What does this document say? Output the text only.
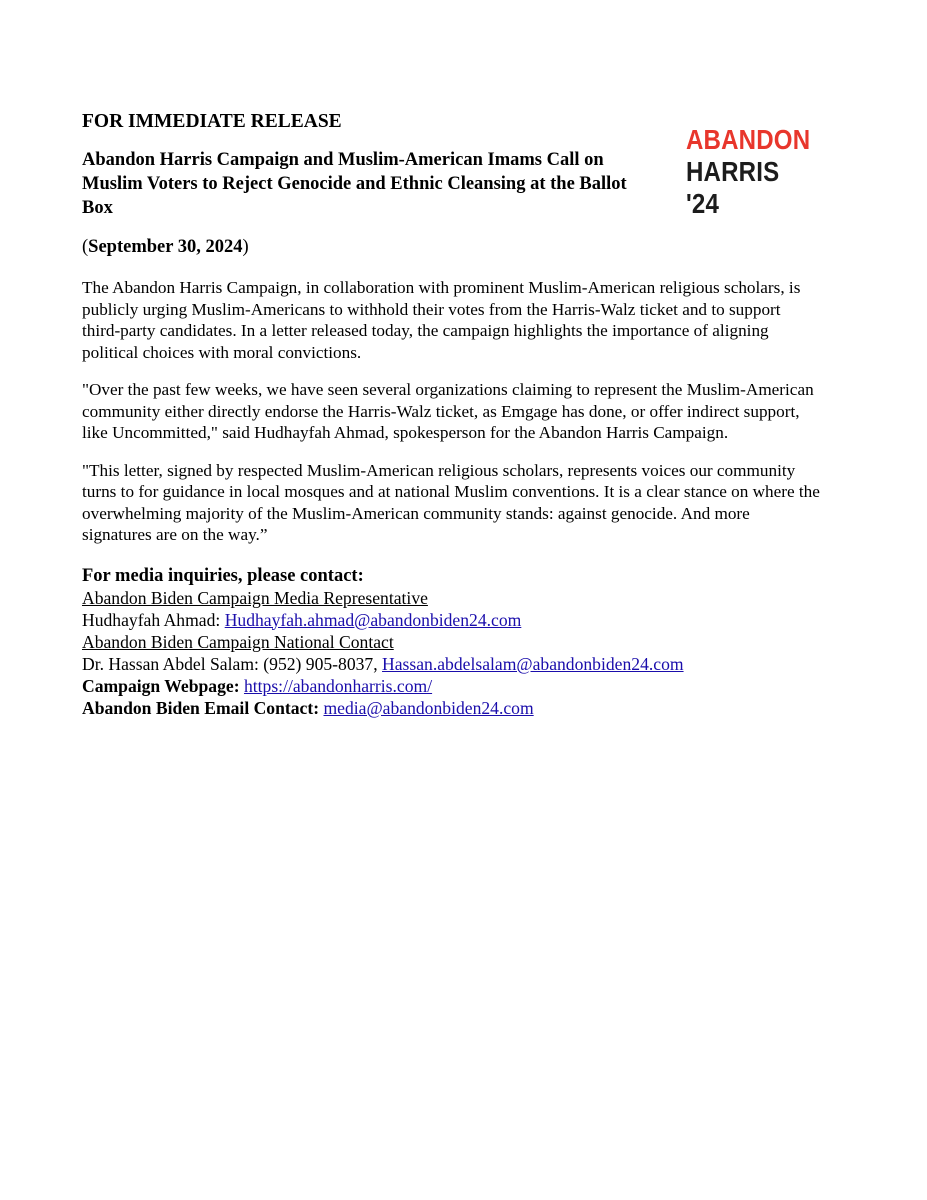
ABANDON
HARRIS '24
FOR IMMEDIATE RELEASE
Abandon Harris Campaign and Muslim-American Imams Call on Muslim Voters to Reject Genocide and Ethnic Cleansing at the Ballot Box
(September 30, 2024)

The Abandon Harris Campaign, in collaboration with prominent Muslim-American religious scholars, is publicly urging Muslim-Americans to withhold their votes from the Harris-Walz ticket and to support third-party candidates. In a letter released today, the campaign highlights the importance of aligning political choices with moral convictions.

"Over the past few weeks, we have seen several organizations claiming to represent the Muslim-American community either directly endorse the Harris-Walz ticket, as Emgage has done, or offer indirect support, like Uncommitted," said Hudhayfah Ahmad, spokesperson for the Abandon Harris Campaign.

"This letter, signed by respected Muslim-American religious scholars, represents voices our community turns to for guidance in local mosques and at national Muslim conventions. It is a clear stance on where the overwhelming majority of the Muslim-American community stands: against genocide. And more signatures are on the way.”

For media inquiries, please contact:
Abandon Biden Campaign Media Representative
Hudhayfah Ahmad: Hudhayfah.ahmad@abandonbiden24.com
Abandon Biden Campaign National Contact
Dr. Hassan Abdel Salam: (952) 905-8037, Hassan.abdelsalam@abandonbiden24.com
Campaign Webpage: https://abandonharris.com/
Abandon Biden Email Contact: media@abandonbiden24.com
